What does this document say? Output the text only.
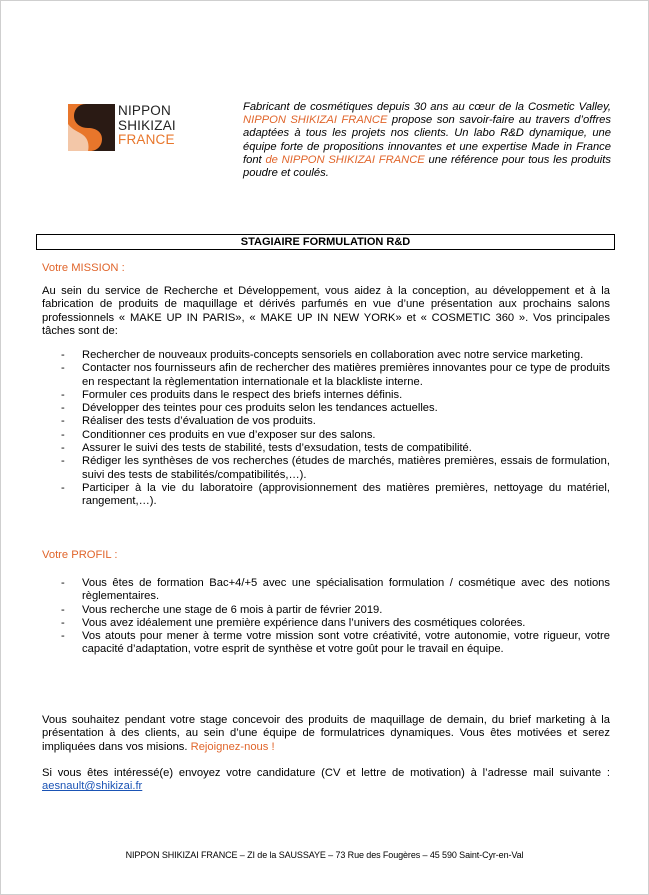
NIPPON
SHIKIZAI
FRANCE
Fabricant de cosmétiques depuis 30 ans au cœur de la Cosmetic Valley, NIPPON SHIKIZAI FRANCE propose son savoir-faire au travers d’offres adaptées à tous les projets nos clients. Un labo R&D dynamique, une équipe forte de propositions innovantes et une expertise Made in France font de NIPPON SHIKIZAI FRANCE une référence pour tous les produits poudre et coulés.
STAGIAIRE FORMULATION R&D
Votre MISSION :
Au sein du service de Recherche et Développement, vous aidez à la conception, au développement et à la fabrication de produits de maquillage et dérivés parfumés en vue d’une présentation aux prochains salons professionnels « MAKE UP IN PARIS», « MAKE UP IN NEW YORK» et « COSMETIC 360 ». Vos principales tâches sont de:
- Rechercher de nouveaux produits-concepts sensoriels en collaboration avec notre service marketing.
- Contacter nos fournisseurs afin de rechercher des matières premières innovantes pour ce type de produits en respectant la règlementation internationale et la blackliste interne.
- Formuler ces produits dans le respect des briefs internes définis.
- Développer des teintes pour ces produits selon les tendances actuelles.
- Réaliser des tests d’évaluation de vos produits.
- Conditionner ces produits en vue d’exposer sur des salons.
- Assurer le suivi des tests de stabilité, tests d’exsudation, tests de compatibilité.
- Rédiger les synthèses de vos recherches (études de marchés, matières premières, essais de formulation, suivi des tests de stabilités/compatibilités,…).
- Participer à la vie du laboratoire (approvisionnement des matières premières, nettoyage du matériel, rangement,…).
Votre PROFIL :
- Vous êtes de formation Bac+4/+5 avec une spécialisation formulation / cosmétique avec des notions règlementaires.
- Vous recherche une stage de 6 mois à partir de février 2019.
- Vous avez idéalement une première expérience dans l’univers des cosmétiques colorées.
- Vos atouts pour mener à terme votre mission sont votre créativité, votre autonomie, votre rigueur, votre capacité d’adaptation, votre esprit de synthèse et votre goût pour le travail en équipe.
Vous souhaitez pendant votre stage concevoir des produits de maquillage de demain, du brief marketing à la présentation à des clients, au sein d’une équipe de formulatrices dynamiques. Vous êtes motivées et serez impliquées dans vos misions. Rejoignez-nous !
Si vous êtes intéressé(e) envoyez votre candidature (CV et lettre de motivation) à l’adresse mail suivante : aesnault@shikizai.fr
NIPPON SHIKIZAI FRANCE – ZI de la SAUSSAYE – 73 Rue des Fougères – 45 590 Saint-Cyr-en-Val
